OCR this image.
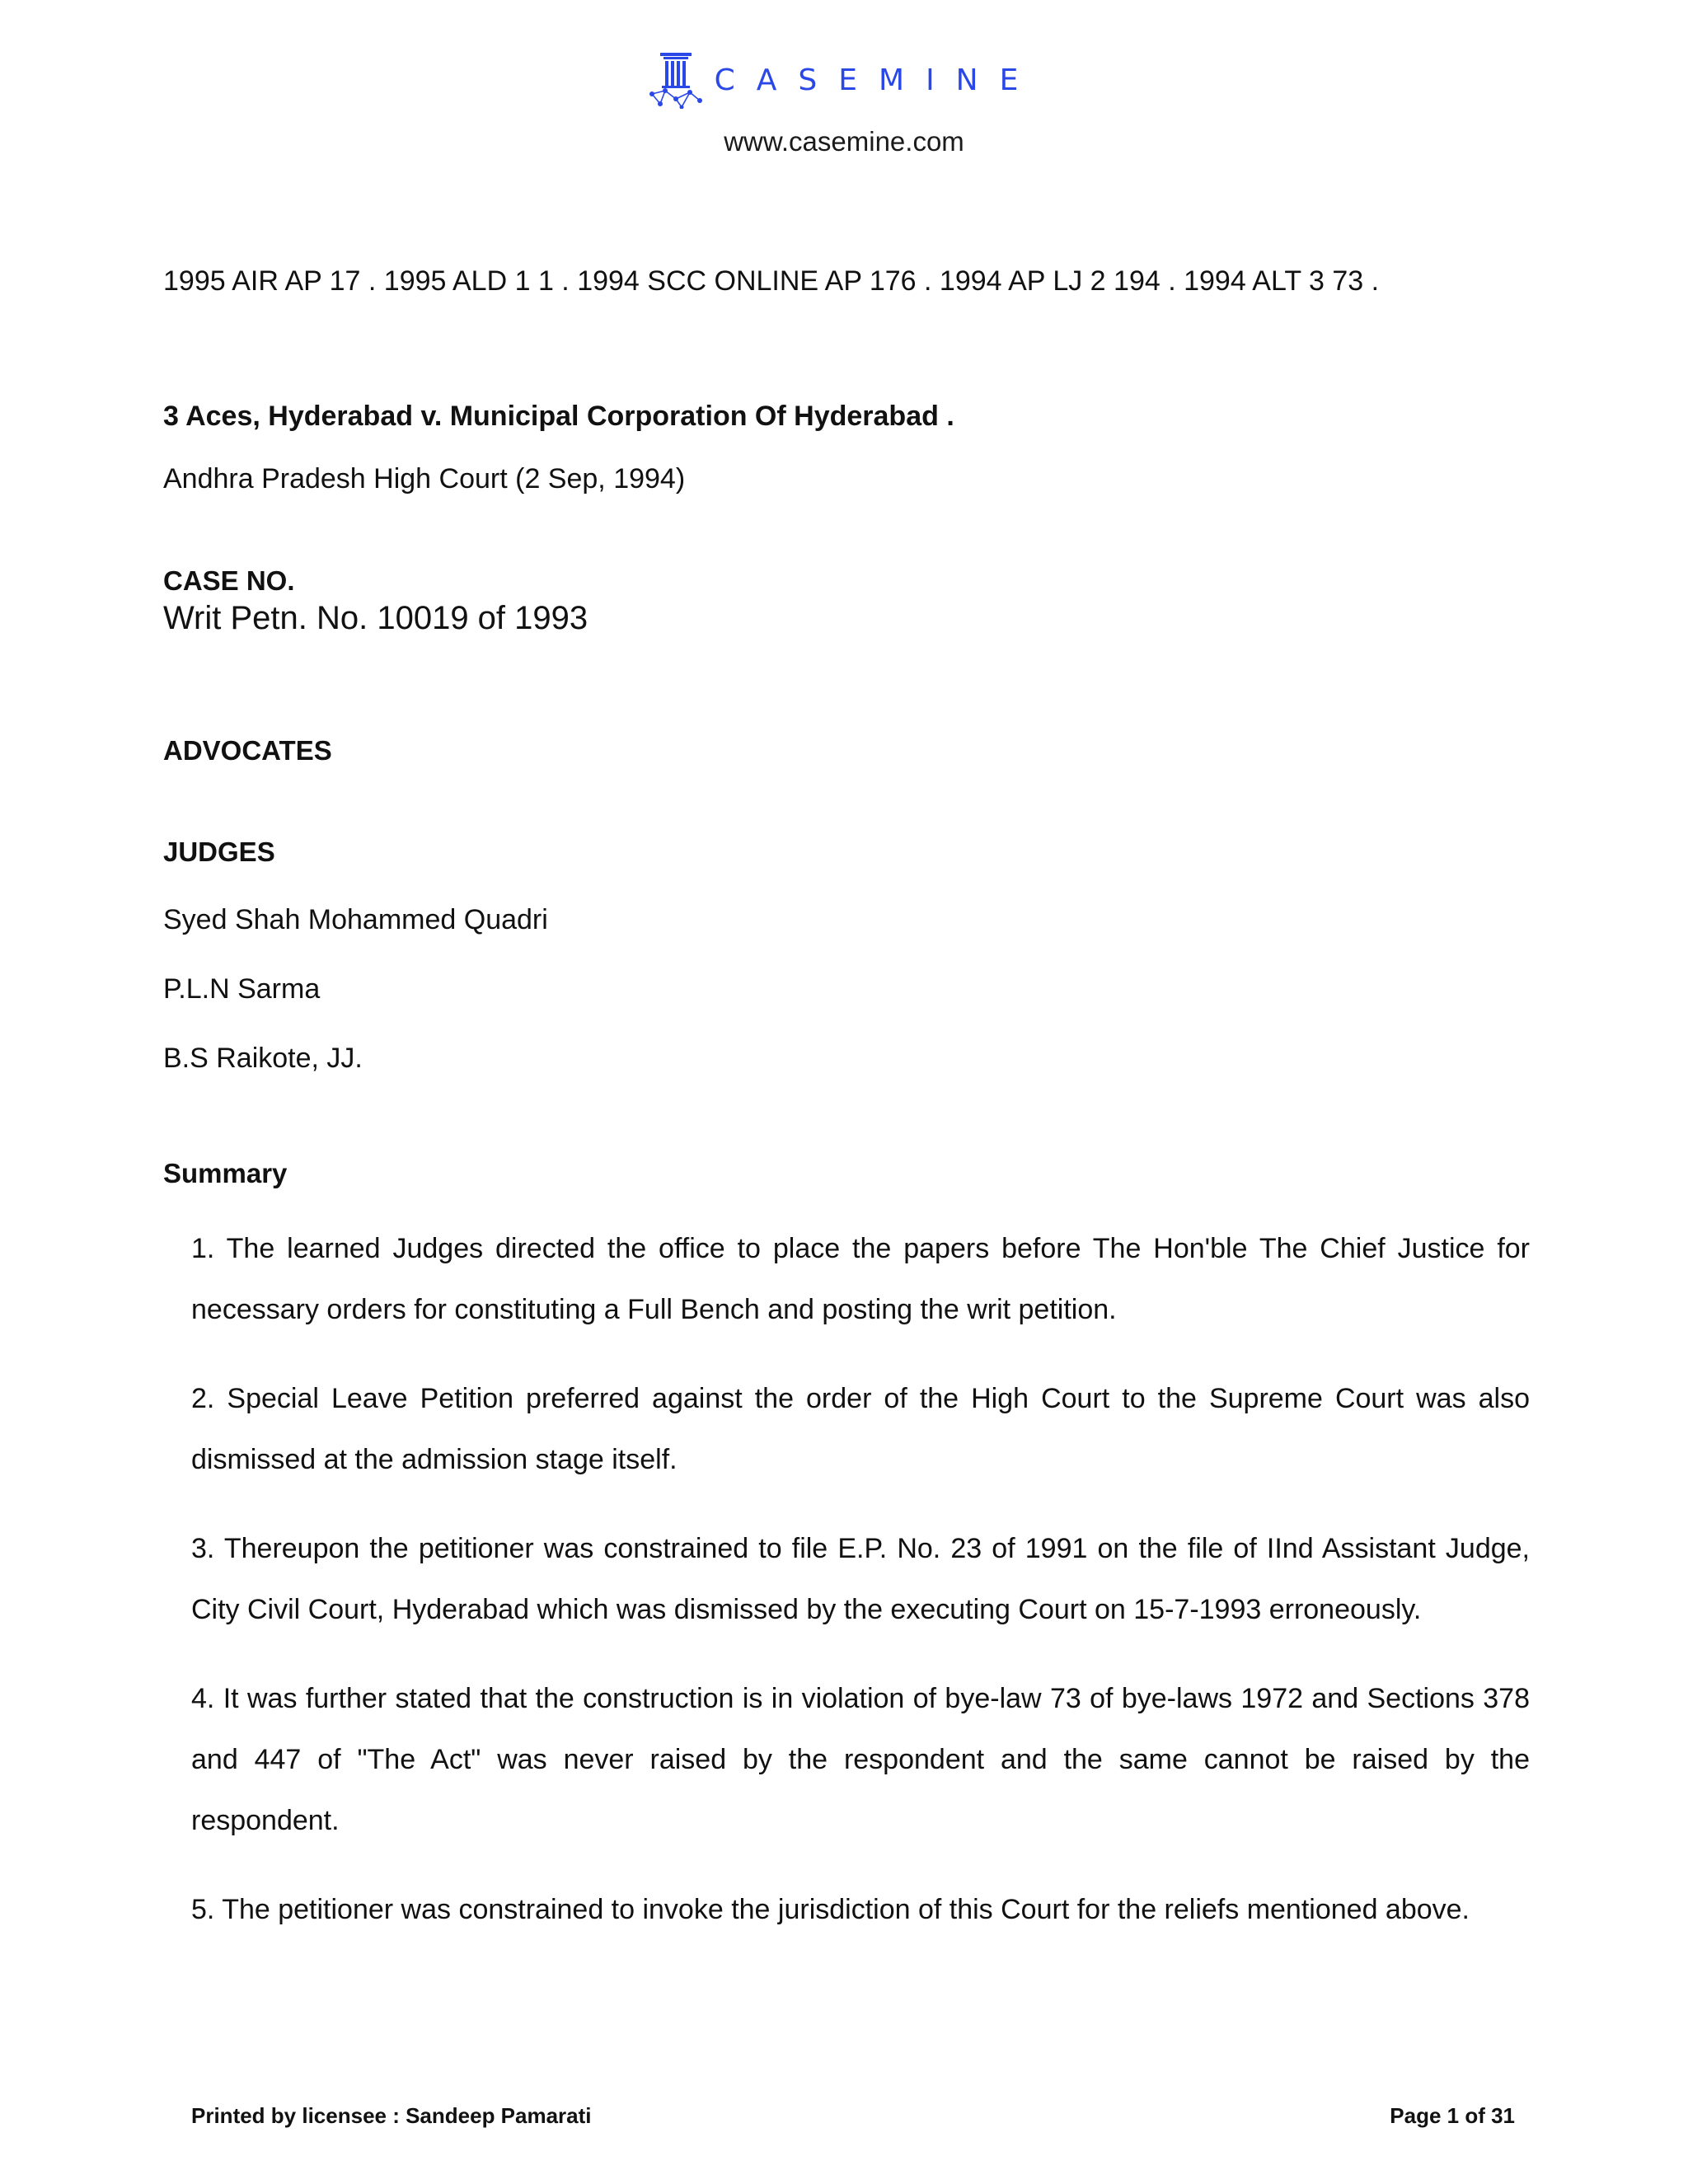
CASEMINE
www.casemine.com
1995 AIR AP 17 . 1995 ALD 1 1 . 1994 SCC ONLINE AP 176 . 1994 AP LJ 2 194 . 1994 ALT 3 73 .
3 Aces, Hyderabad v. Municipal Corporation Of Hyderabad .
Andhra Pradesh High Court (2 Sep, 1994)
CASE NO.
Writ Petn. No. 10019 of 1993
ADVOCATES
JUDGES
Syed Shah Mohammed Quadri
P.L.N Sarma
B.S Raikote, JJ.
Summary
1. The learned Judges directed the office to place the papers before The Hon'ble The Chief Justice for necessary orders for constituting a Full Bench and posting the writ petition.
2. Special Leave Petition preferred against the order of the High Court to the Supreme Court was also dismissed at the admission stage itself.
3. Thereupon the petitioner was constrained to file E.P. No. 23 of 1991 on the file of IInd Assistant Judge, City Civil Court, Hyderabad which was dismissed by the executing Court on 15-7-1993 erroneously.
4. It was further stated that the construction is in violation of bye-law 73 of bye-laws 1972 and Sections 378 and 447 of "The Act" was never raised by the respondent and the same cannot be raised by the respondent.
5. The petitioner was constrained to invoke the jurisdiction of this Court for the reliefs mentioned above.
Printed by licensee : Sandeep Pamarati	Page 1 of 31
